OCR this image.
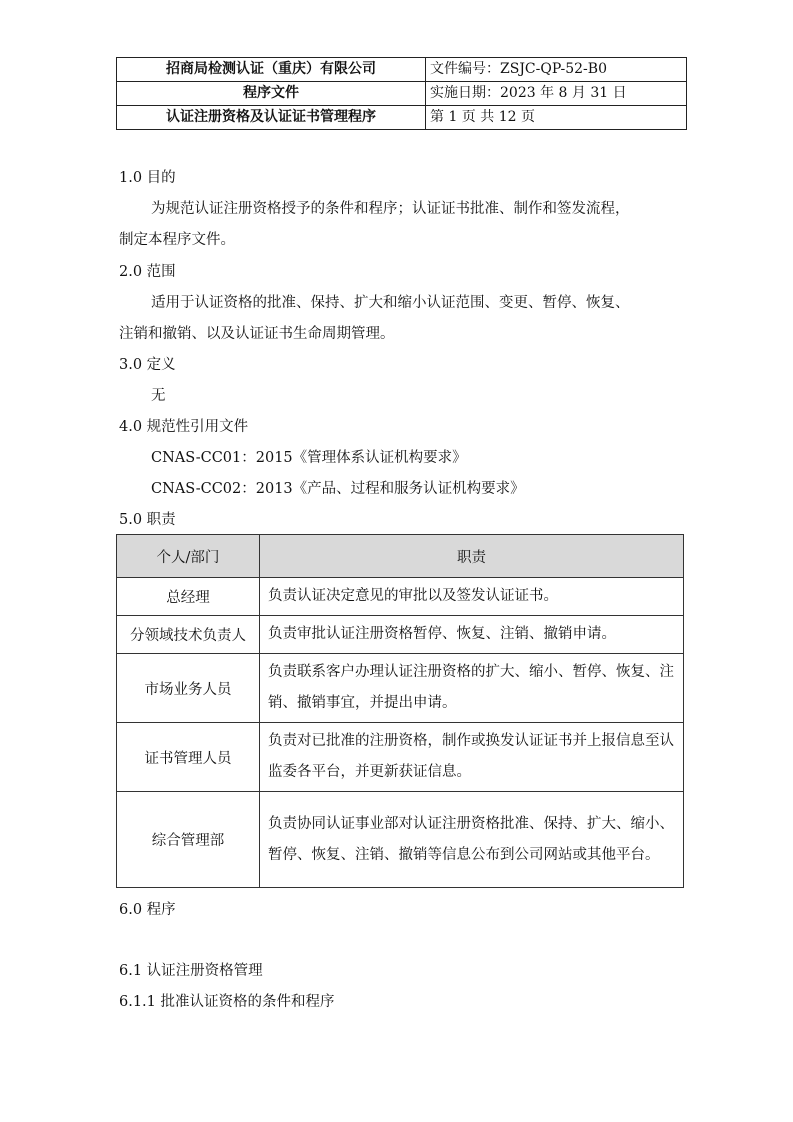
招商局检测认证（重庆）有限公司	文件编号：ZSJC-QP-52-B0
程序文件	实施日期：2023 年 8 月 31 日
认证注册资格及认证证书管理程序	第 1 页 共 12 页

1.0 目的

为规范认证注册资格授予的条件和程序；认证证书批准、制作和签发流程，

制定本程序文件。

2.0 范围

适用于认证资格的批准、保持、扩大和缩小认证范围、变更、暂停、恢复、

注销和撤销、以及认证证书生命周期管理。

3.0 定义

无

4.0 规范性引用文件

CNAS-CC01：2015《管理体系认证机构要求》

CNAS-CC02：2013《产品、过程和服务认证机构要求》

5.0 职责

个人/部门	职责
总经理	负责认证决定意见的审批以及签发认证证书。
分领域技术负责人	负责审批认证注册资格暂停、恢复、注销、撤销申请。
市场业务人员	负责联系客户办理认证注册资格的扩大、缩小、暂停、恢复、注销、撤销事宜，并提出申请。
证书管理人员	负责对已批准的注册资格，制作或换发认证证书并上报信息至认监委各平台，并更新获证信息。
综合管理部	负责协同认证事业部对认证注册资格批准、保持、扩大、缩小、暂停、恢复、注销、撤销等信息公布到公司网站或其他平台。

6.0 程序

6.1 认证注册资格管理

6.1.1 批准认证资格的条件和程序
